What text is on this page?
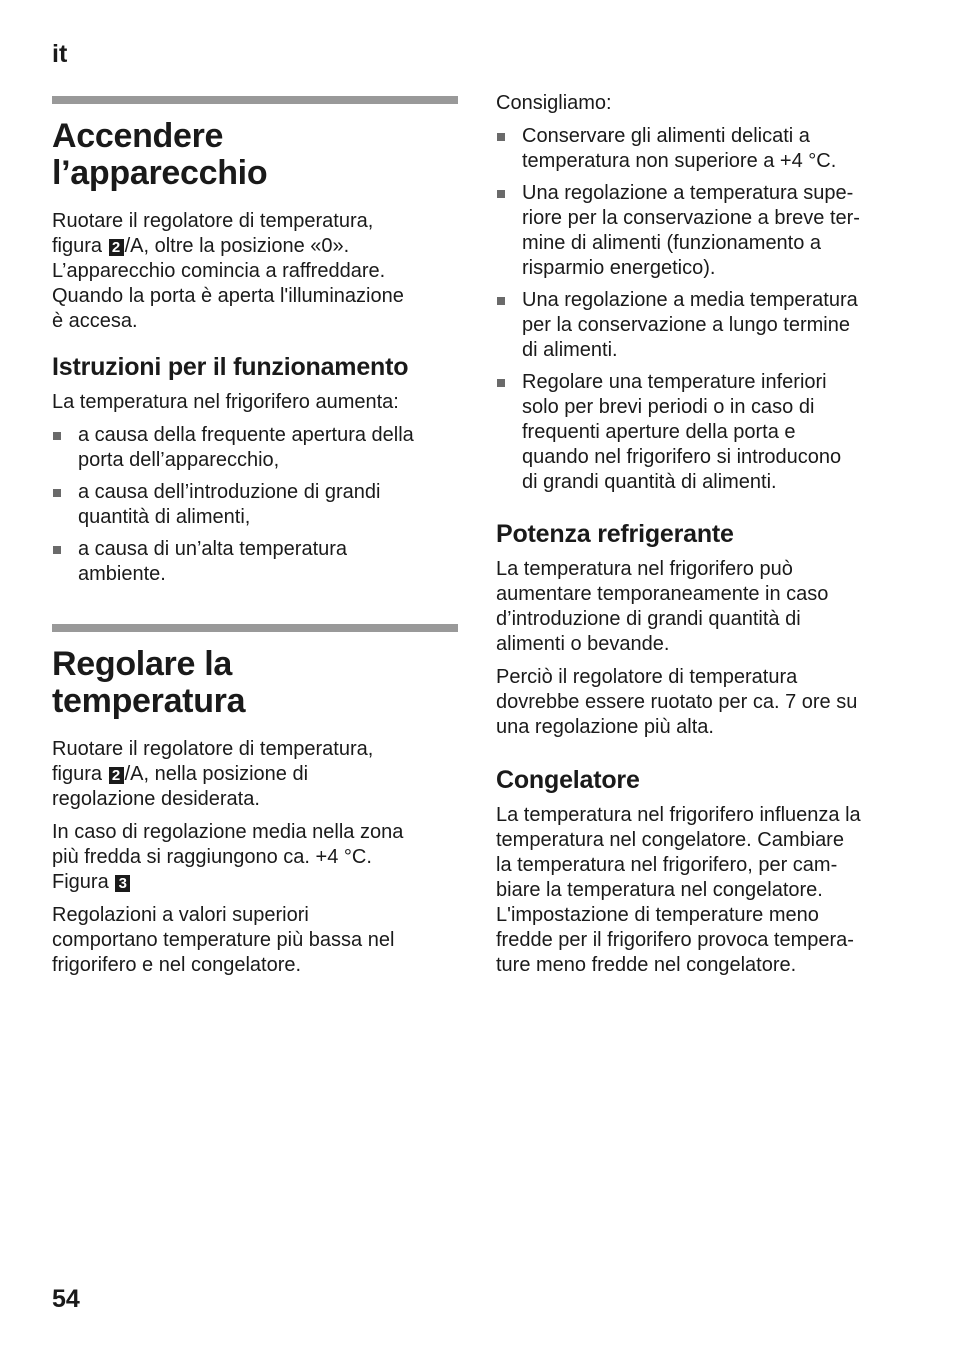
it
Accendere
l’apparecchio

Ruotare il regolatore di temperatura,
figura 2 /A, oltre la posizione «0».
L’apparecchio comincia a raffreddare.
Quando la porta è aperta l'illuminazione
è accesa.

Istruzioni per il funzionamento

La temperatura nel frigorifero aumenta:

a causa della frequente apertura della
porta dell’apparecchio,
a causa dell’introduzione di grandi
quantità di alimenti,
a causa di un’alta temperatura
ambiente.
Regolare la
temperatura

Ruotare il regolatore di temperatura,
figura 2 /A, nella posizione di
regolazione desiderata.

In caso di regolazione media nella zona
più fredda si raggiungono ca. +4 °C.
Figura 3

Regolazioni a valori superiori
comportano temperature più bassa nel
frigorifero e nel congelatore.

Consigliamo:

Conservare gli alimenti delicati a
temperatura non superiore a +4 °C.
Una regolazione a temperatura supe-
riore per la conservazione a breve ter-
mine di alimenti (funzionamento a
risparmio energetico).
Una regolazione a media temperatura
per la conservazione a lungo termine
di alimenti.
Regolare una temperature inferiori
solo per brevi periodi o in caso di
frequenti aperture della porta e
quando nel frigorifero si introducono
di grandi quantità di alimenti.
Potenza refrigerante

La temperatura nel frigorifero può
aumentare temporaneamente in caso
d’introduzione di grandi quantità di
alimenti o bevande.

Perciò il regolatore di temperatura
dovrebbe essere ruotato per ca. 7 ore su
una regolazione più alta.

Congelatore

La temperatura nel frigorifero influenza la
temperatura nel congelatore. Cambiare
la temperatura nel frigorifero, per cam-
biare la temperatura nel congelatore.
L'impostazione di temperature meno
fredde per il frigorifero provoca tempera-
ture meno fredde nel congelatore.

54
